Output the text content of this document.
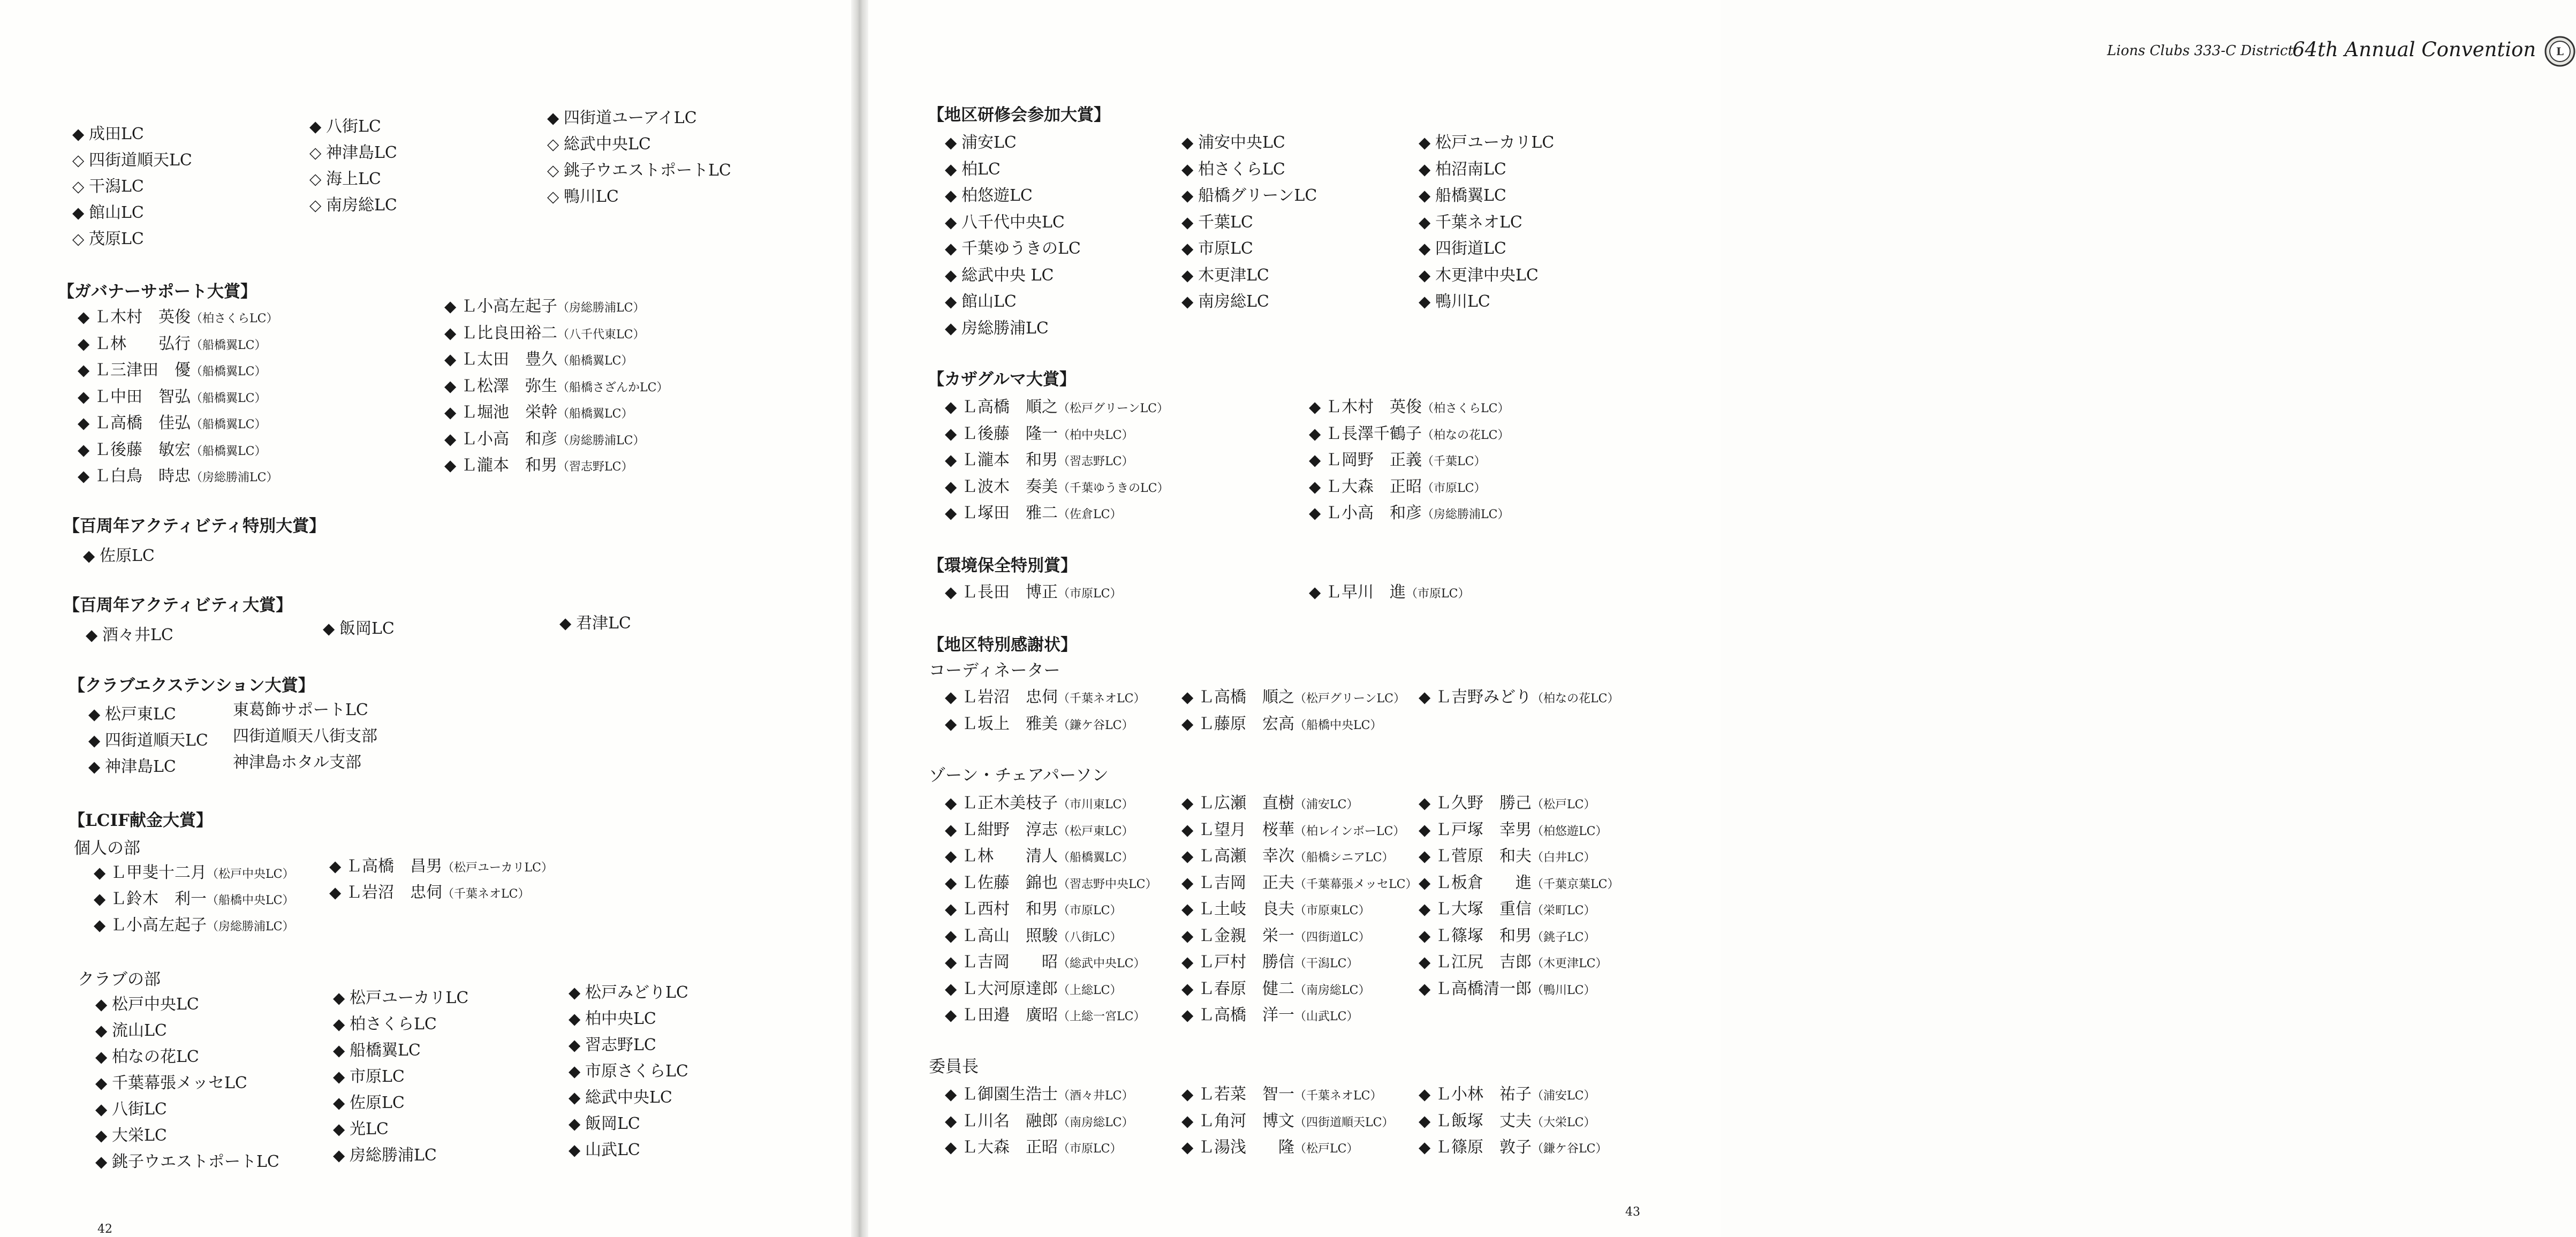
◆ 成田LC
◇ 四街道順天LC
◇ 干潟LC
◆ 館山LC
◇ 茂原LC
◆ 八街LC
◇ 神津島LC
◇ 海上LC
◇ 南房総LC
◆ 四街道ユーアイLC
◇ 総武中央LC
◇ 銚子ウエストポートLC
◇ 鴨川LC
【ガバナーサポート大賞】
◆ Ｌ木村　英俊（柏さくらLC）
◆ Ｌ林　　弘行（船橋翼LC）
◆ Ｌ三津田　優（船橋翼LC）
◆ Ｌ中田　智弘（船橋翼LC）
◆ Ｌ高橋　佳弘（船橋翼LC）
◆ Ｌ後藤　敏宏（船橋翼LC）
◆ Ｌ白鳥　時忠（房総勝浦LC）
◆ Ｌ小高左起子（房総勝浦LC）
◆ Ｌ比良田裕二（八千代東LC）
◆ Ｌ太田　豊久（船橋翼LC）
◆ Ｌ松澤　弥生（船橋さざんかLC）
◆ Ｌ堀池　栄幹（船橋翼LC）
◆ Ｌ小高　和彦（房総勝浦LC）
◆ Ｌ瀧本　和男（習志野LC）
【百周年アクティビティ特別大賞】
◆ 佐原LC
【百周年アクティビティ大賞】
◆ 酒々井LC	◆ 飯岡LC	◆ 君津LC
【クラブエクステンション大賞】
◆ 松戸東LC	東葛飾サポートLC
◆ 四街道順天LC 四街道順天八街支部
◆ 神津島LC	神津島ホタル支部
【LCIF献金大賞】
個人の部
◆ Ｌ甲斐十二月（松戸中央LC）
◆ Ｌ鈴木　利一（船橋中央LC）
◆ Ｌ小高左起子（房総勝浦LC）
◆ Ｌ高橋　昌男（松戸ユーカリLC）
◆ Ｌ岩沼　忠伺（千葉ネオLC）
クラブの部
◆ 松戸中央LC
◆ 流山LC
◆ 柏なの花LC
◆ 千葉幕張メッセLC
◆ 八街LC
◆ 大栄LC
◆ 銚子ウエストポートLC
◆ 松戸ユーカリLC
◆ 柏さくらLC
◆ 船橋翼LC
◆ 市原LC
◆ 佐原LC
◆ 光LC
◆ 房総勝浦LC
◆ 松戸みどりLC
◆ 柏中央LC
◆ 習志野LC
◆ 市原さくらLC
◆ 総武中央LC
◆ 飯岡LC
◆ 山武LC
42
Lions Clubs 333-C District
64th Annual Convention L
【地区研修会参加大賞】
◆ 浦安LC
◆ 柏LC
◆ 柏悠遊LC
◆ 八千代中央LC
◆ 千葉ゆうきのLC
◆ 総武中央 LC
◆ 館山LC
◆ 房総勝浦LC
◆ 浦安中央LC
◆ 柏さくらLC
◆ 船橋グリーンLC
◆ 千葉LC
◆ 市原LC
◆ 木更津LC
◆ 南房総LC
◆ 松戸ユーカリLC
◆ 柏沼南LC
◆ 船橋翼LC
◆ 千葉ネオLC
◆ 四街道LC
◆ 木更津中央LC
◆ 鴨川LC
【カザグルマ大賞】
◆ Ｌ高橋　順之（松戸グリーンLC）
◆ Ｌ後藤　隆一（柏中央LC）
◆ Ｌ瀧本　和男（習志野LC）
◆ Ｌ波木　奏美（千葉ゆうきのLC）
◆ Ｌ塚田　雅二（佐倉LC）
◆ Ｌ木村　英俊（柏さくらLC）
◆ Ｌ長澤千鶴子（柏なの花LC）
◆ Ｌ岡野　正義（千葉LC）
◆ Ｌ大森　正昭（市原LC）
◆ Ｌ小高　和彦（房総勝浦LC）
【環境保全特別賞】
◆ Ｌ長田　博正（市原LC）	◆ Ｌ早川　進（市原LC）
【地区特別感謝状】
コーディネーター
◆ Ｌ岩沼　忠伺（千葉ネオLC）
◆ Ｌ坂上　雅美（鎌ケ谷LC）
◆ Ｌ高橋　順之（松戸グリーンLC）
◆ Ｌ藤原　宏高（船橋中央LC）
◆ Ｌ吉野みどり（柏なの花LC）
ゾーン・チェアパーソン
◆ Ｌ正木美枝子（市川東LC）
◆ Ｌ紺野　淳志（松戸東LC）
◆ Ｌ林　　清人（船橋翼LC）
◆ Ｌ佐藤　錦也（習志野中央LC）
◆ Ｌ西村　和男（市原LC）
◆ Ｌ高山　照駿（八街LC）
◆ Ｌ吉岡　　昭（総武中央LC）
◆ Ｌ大河原達郎（上総LC）
◆ Ｌ田邉　廣昭（上総一宮LC）
◆ Ｌ広瀬　直樹（浦安LC）
◆ Ｌ望月　桜華（柏レインボーLC）
◆ Ｌ高瀬　幸次（船橋シニアLC）
◆ Ｌ吉岡　正夫（千葉幕張メッセLC）
◆ Ｌ土岐　良夫（市原東LC）
◆ Ｌ金親　栄一（四街道LC）
◆ Ｌ戸村　勝信（干潟LC）
◆ Ｌ春原　健二（南房総LC）
◆ Ｌ高橋　洋一（山武LC）
◆ Ｌ久野　勝己（松戸LC）
◆ Ｌ戸塚　幸男（柏悠遊LC）
◆ Ｌ菅原　和夫（白井LC）
◆ Ｌ板倉　　進（千葉京葉LC）
◆ Ｌ大塚　重信（栄町LC）
◆ Ｌ篠塚　和男（銚子LC）
◆ Ｌ江尻　吉郎（木更津LC）
◆ Ｌ高橋清一郎（鴨川LC）
委員長
◆ Ｌ御園生浩士（酒々井LC）
◆ Ｌ川名　融郎（南房総LC）
◆ Ｌ大森　正昭（市原LC）
◆ Ｌ若菜　智一（千葉ネオLC）
◆ Ｌ角河　博文（四街道順天LC）
◆ Ｌ湯浅　　隆（松戸LC）
◆ Ｌ小林　祐子（浦安LC）
◆ Ｌ飯塚　丈夫（大栄LC）
◆ Ｌ篠原　敦子（鎌ケ谷LC）
43
